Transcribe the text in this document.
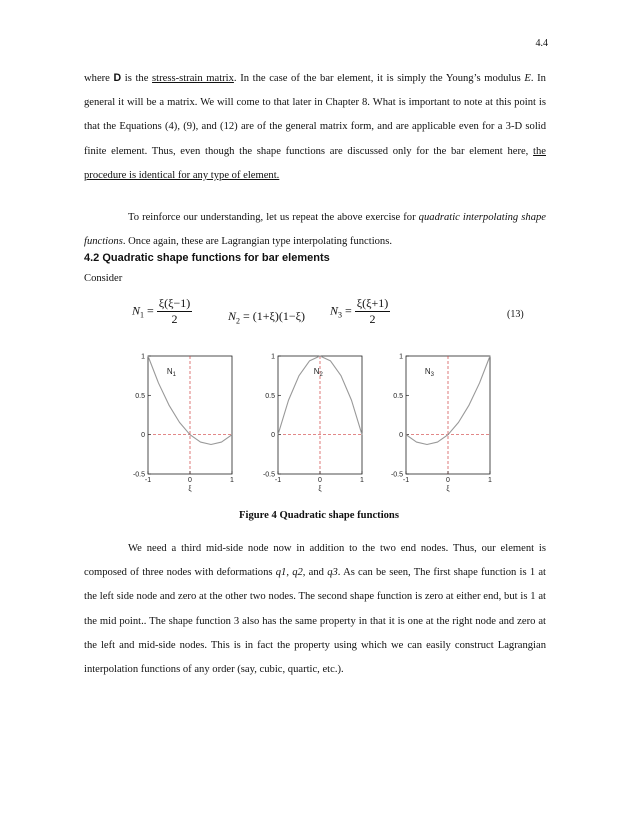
4.4

where D is the stress-strain matrix. In the case of the bar element, it is simply the Young’s modulus E. In general it will be a matrix. We will come to that later in Chapter 8. What is important to note at this point is that the Equations (4), (9), and (12) are of the general matrix form, and are applicable even for a 3-D solid finite element. Thus, even though the shape functions are discussed only for the bar element here, the procedure is identical for any type of element.

To reinforce our understanding, let us repeat the above exercise for quadratic interpolating shape functions. Once again, these are Lagrangian type interpolating functions.

4.2 Quadratic shape functions for bar elements

Consider

$N_1 = \frac{\xi(\xi-1)}{2}$	$N_2 = (1+\xi)(1-\xi) N_3 = \frac{\xi(\xi+1)}{2}$	(13)
1
0.5
0
-0.5
-1	0	1
ξ
$N_1$
1
0.5
0
-0.5
-1	0	1
ξ
$N_2$
1
0.5
0
-0.5
-1	0	1
ξ
$N_3$

Figure 4 Quadratic shape functions

We need a third mid-side node now in addition to the two end nodes. Thus, our element is composed of three nodes with deformations q1, q2, and q3. As can be seen, The first shape function is 1 at the left side node and zero at the other two nodes. The second shape function is zero at either end, but is 1 at the mid point.. The shape function 3 also has the same property in that it is one at the right node and zero at the left and mid-side nodes. This is in fact the property using which we can easily construct Lagrangian interpolation functions of any order (say, cubic, quartic, etc.).
